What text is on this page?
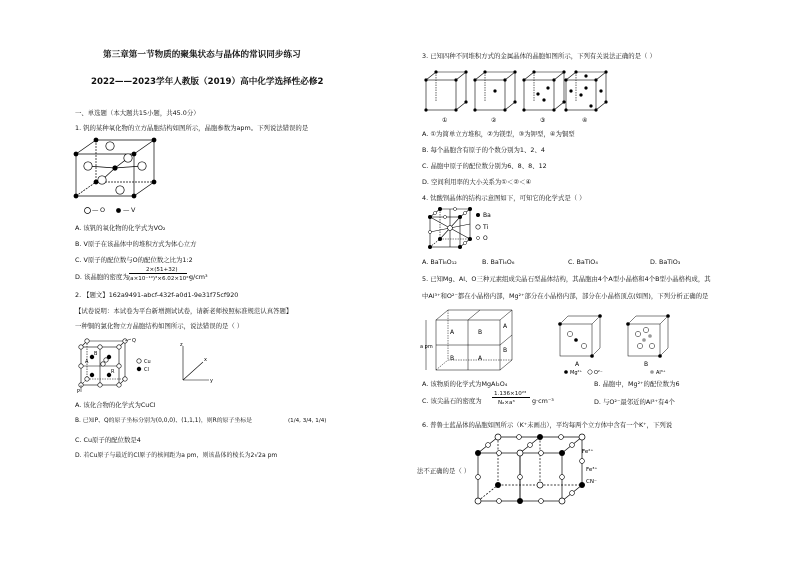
第三章第一节物质的聚集状态与晶体的常识同步练习
2022——2023学年人教版（2019）高中化学选择性必修2
一、单选题（本大题共15小题，共45.0分）
1. 钒的某种氧化物的立方晶胞结构如图所示，晶胞参数为apm。下列说法错误的是
— O	— V
A. 该钒的氧化物的化学式为VO₂
B. V原子在该晶体中的堆积方式为体心立方
C. V原子的配位数与O的配位数之比为1:2
D. 该晶胞的密度为
2×(51+32)
(a×10⁻¹⁰)³×6.02×10²³
g/cm³
2. 【题文】162a9491-abcf-432f-a0d1-9e31f75cf920
【试卷说明：本试卷为平台新增测试试卷，请新老师按照标准规范认真答题】
一种铜的氯化物立方晶胞结构如图所示，说法错误的是（ ）
P
Q
B
A
R
Cu
Cl
z
y
x
A. 该化合物的化学式为CuCl
B. 已知P、Q的原子坐标分别为(0,0,0)、(1,1,1)，则R的原子坐标是	(1/4, 3/4, 1/4)
C. Cu原子的配位数是4
D. 若Cu原子与最近的Cl原子的核间距为a pm，则该晶体的棱长为2√2a pm
3. 已知四种不同堆积方式的金属晶体的晶胞如图所示，下列有关说法正确的是（ ）
①	②	③	④
A. ①为简单立方堆积，②为镁型，③为钾型，④为铜型
B. 每个晶胞含有原子的个数分别为1、2、4
C. 晶胞中原子的配位数分别为6、8、8、12
D. 空间利用率的大小关系为①＜②＜④
4. 钛酸钡晶体的结构示意图如下，可知它的化学式是（ ）
Ba
Ti
O
A. BaTi₈O₁₂	B. BaTi₄O₆	C. BaTiO₄	D. BaTiO₃
5. 已知Mg、Al、O三种元素组成尖晶石型晶体结构，其晶胞由4个A型小晶格和4个B型小晶格构成，其
中Al³⁺和O²⁻都在小晶格内部，Mg²⁺部分在小晶格内部，部分在小晶格顶点(如图)，下列分析正确的是
A	B
B	A
A
B
a pm
A	B
Mg²⁺ O²⁻	Al³⁺
A. 该物质的化学式为MgAl₂O₄	B. 晶胞中，Mg²⁺的配位数为6
C. 该尖晶石的密度为
1.136×10²³
Nₐ×a³	g·cm⁻³	D. 与O²⁻最邻近的Al³⁺有4个
6. 普鲁士蓝晶体的晶胞如图所示（K⁺未画出），平均每两个立方体中含有一个K⁺，下列说
法不正确的是（ ）
Fe²⁺
Fe³⁺
CN⁻
